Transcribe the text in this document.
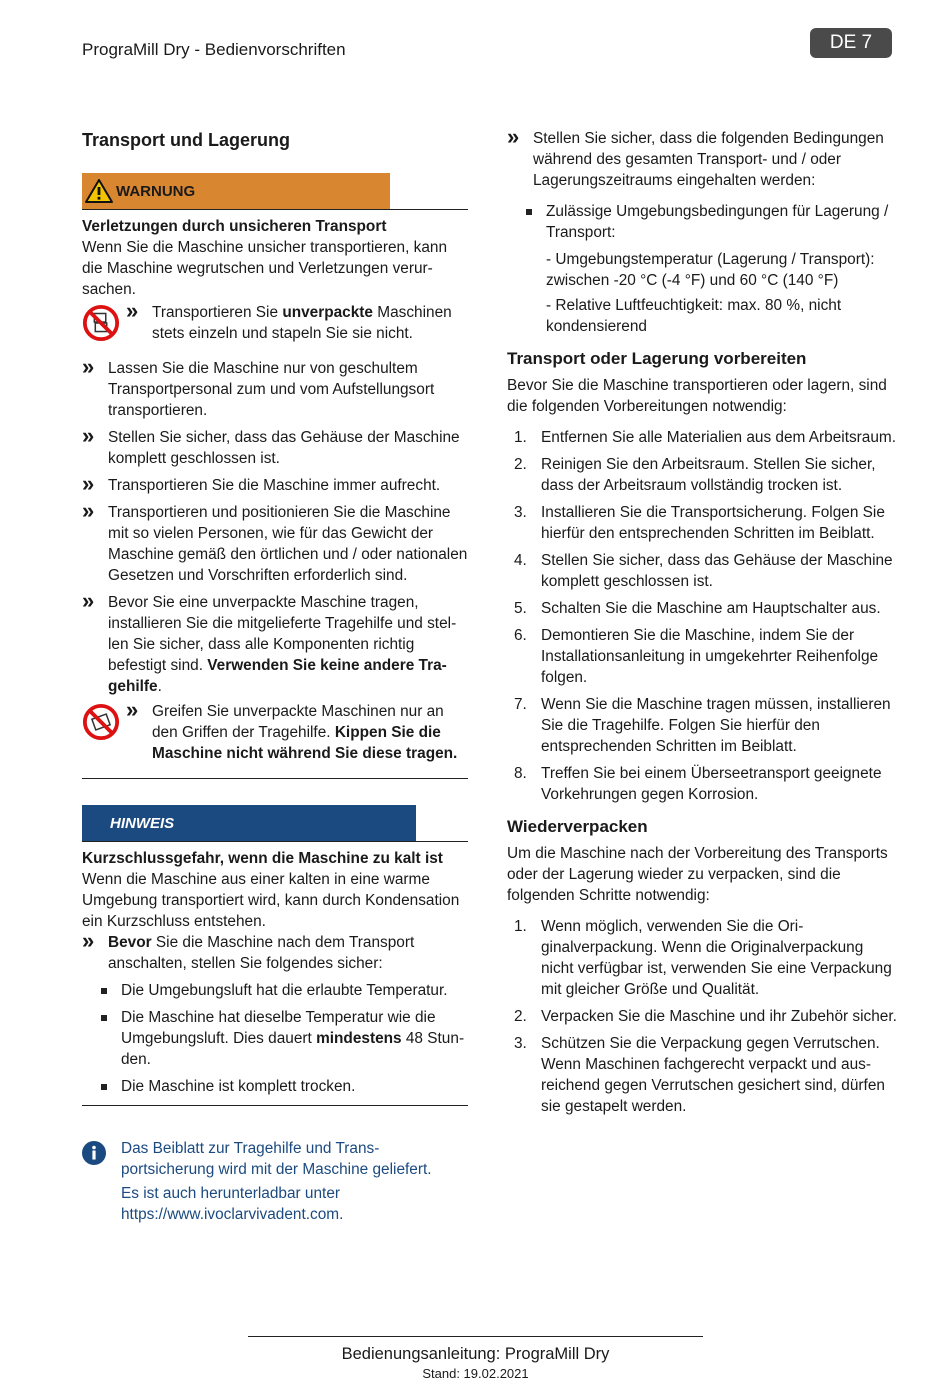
PrograMill Dry - Bedienvorschriften	DE 7
Transport und Lagerung
WARNUNG

Verletzungen durch unsicheren Transport

Wenn Sie die Maschine unsicher transportieren, kann die Maschine wegrutschen und Verletzungen verursachen.

» Transportieren Sie unverpackte Maschinen stets einzeln und stapeln Sie sie nicht.

» Lassen Sie die Maschine nur von geschultem Transportpersonal zum und vom Aufstellungsort transportieren.

» Stellen Sie sicher, dass das Gehäuse der Maschine komplett geschlossen ist.

» Transportieren Sie die Maschine immer aufrecht.

» Transportieren und positionieren Sie die Maschine mit so vielen Personen, wie für das Gewicht der Maschine gemäß den örtlichen und / oder nationalen Gesetzen und Vorschriften erforderlich sind.

» Bevor Sie eine unverpackte Maschine tragen, installieren Sie die mitgelieferte Tragehilfe und stellen Sie sicher, dass alle Komponenten richtig befestigt sind. Verwenden Sie keine andere Tragehilfe.

» Greifen Sie unverpackte Maschinen nur an den Griffen der Tragehilfe. Kippen Sie die Maschine nicht während Sie diese tragen.

HINWEIS

Kurzschlussgefahr, wenn die Maschine zu kalt ist

Wenn die Maschine aus einer kalten in eine warme Umgebung transportiert wird, kann durch Kondensation ein Kurzschluss entstehen.

» Bevor Sie die Maschine nach dem Transport anschalten, stellen Sie folgendes sicher:

Die Umgebungsluft hat die erlaubte Temperatur.

Die Maschine hat dieselbe Temperatur wie die Umgebungsluft. Dies dauert mindestens 48 Stunden.

Die Maschine ist komplett trocken.

Das Beiblatt zur Tragehilfe und Transportsicherung wird mit der Maschine geliefert.

Es ist auch herunterladbar unter https://www.ivoclarvivadent.com.

» Stellen Sie sicher, dass die folgenden Bedingungen während des gesamten Transport- und / oder Lagerungszeitraums eingehalten werden:

Zulässige Umgebungsbedingungen für Lagerung / Transport:

- Umgebungstemperatur (Lagerung / Transport): zwischen -20 °C (-4 °F) und 60 °C (140 °F)

- Relative Luftfeuchtigkeit: max. 80 %, nicht kondensierend

Transport oder Lagerung vorbereiten

Bevor Sie die Maschine transportieren oder lagern, sind die folgenden Vorbereitungen notwendig:

1. Entfernen Sie alle Materialien aus dem Arbeitsraum.

2. Reinigen Sie den Arbeitsraum. Stellen Sie sicher, dass der Arbeitsraum vollständig trocken ist.

3. Installieren Sie die Transportsicherung. Folgen Sie hierfür den entsprechenden Schritten im Beiblatt.

4. Stellen Sie sicher, dass das Gehäuse der Maschine komplett geschlossen ist.

5. Schalten Sie die Maschine am Hauptschalter aus.

6. Demontieren Sie die Maschine, indem Sie der Installationsanleitung in umgekehrter Reihenfolge folgen.

7. Wenn Sie die Maschine tragen müssen, installieren Sie die Tragehilfe. Folgen Sie hierfür den entsprechenden Schritten im Beiblatt.

8. Treffen Sie bei einem Überseetransport geeignete Vorkehrungen gegen Korrosion.

Wiederverpacken

Um die Maschine nach der Vorbereitung des Transports oder der Lagerung wieder zu verpacken, sind die folgenden Schritte notwendig:

1. Wenn möglich, verwenden Sie die Originalverpackung. Wenn die Originalverpackung nicht verfügbar ist, verwenden Sie eine Verpackung mit gleicher Größe und Qualität.

2. Verpacken Sie die Maschine und ihr Zubehör sicher.

3. Schützen Sie die Verpackung gegen Verrutschen. Wenn Maschinen fachgerecht verpackt und ausreichend gegen Verrutschen gesichert sind, dürfen sie gestapelt werden.

Bedienungsanleitung: PrograMill Dry
Stand: 19.02.2021
